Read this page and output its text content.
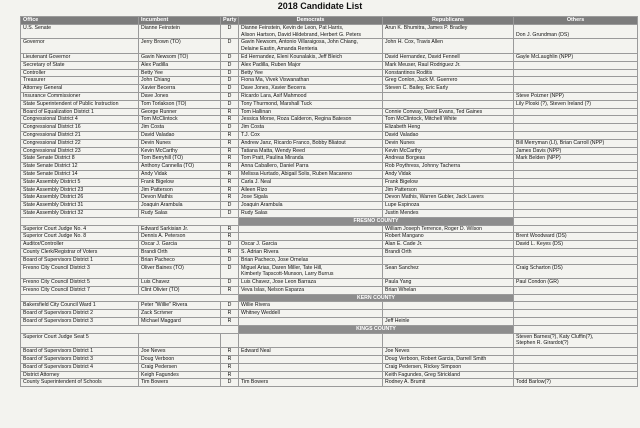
2018 Candidate List
Office	Incumbent	Party	Democrats	Republicans	Others
U.S. Senate	Dianne Feinstein	D	Dianne Feinstein, Kevin de Leon, Pat Harris,
Alison Hartson, David Hildebrand, Herbert G. Peters	Arun K. Bhumitra, James P. Bradley	Don J. Grundman (DS)

Governor	Jerry Brown (TO)	D	Gavin Newsom, Antonio Villaraigosa, John Chiang,
Delaine Eastin, Amanda Renteria	John H. Cox, Travis Allen	

Lieutenant Governor	Gavin Newsom (TO)	D	Ed Hernandez, Eleni Kounalakis, Jeff Bleich	David Hernandez, David Fennell	Gayle McLaughlin (NPP)

Secretary of State	Alex Padilla	D	Alex Padilla, Ruben Major	Mark Meuser, Raul Rodriguez Jr.	

Controller	Betty Yee	D	Betty Yee	Konstantinos Roditis	

Treasurer	John Chiang	D	Fiona Ma, Vivek Viswanathan	Greg Conlon, Jack M. Guerrero	

Attorney General	Xavier Becerra	D	Dave Jones, Xavier Becerra	Steven C. Bailey, Eric Early	

Insurance Commissioner	Dave Jones	D	Ricardo Lara, Asif Mahmood		Steve Poizner (NPP)

State Superintendent of Public Instruction	Tom Torlakson (TO)	D	Tony Thurmond, Marshall Tuck		Lily Ploski (?), Steven Ireland (?)

Board of Equalization District 1	George Runner	R	Tom Hallinan	Connie Conway, David Evans, Ted Gaines	

Congressional District 4	Tom McClintock	R	Jessica Morse, Roza Calderon, Regina Bateson	Tom McClintock, Mitchell White	

Congressional District 16	Jim Costa	D	Jim Costa	Elizabeth Heng	

Congressional District 21	David Valadao	R	T.J. Cox	David Valadao	

Congressional District 22	Devin Nunes	R	Andrew Janz, Ricardo Franco, Bobby Bliatout	Devin Nunes	Bill Merryman (LI), Brian Carroll (NPP)

Congressional District 23	Kevin McCarthy	R	Tatiana Matta, Wendy Reed	Kevin McCarthy	James Davis (NPP)

State Senate District 8	Tom Berryhill (TO)	R	Tom Pratt, Paulina Miranda	Andreas Borgeas	Mark Belden (NPP)

State Senate District 12	Anthony Cannella (TO)	R	Anna Caballero, Daniel Parra	Rob Poythress, Johnny Tacherra	

State Senate District 14	Andy Vidak	R	Melissa Hurtado, Abigail Solis, Ruben Macareno	Andy Vidak	

State Assembly District 5	Frank Bigelow	R	Carla J. Neal	Frank Bigelow	

State Assembly District 23	Jim Patterson	R	Aileen Rizo	Jim Patterson	

State Assembly District 26	Devon Mathis	R	Jose Sigala	Devon Mathis, Warren Gubler, Jack Lavers	

State Assembly District 31	Joaquin Arambula	D	Joaquin Arambula	Lupe Espinoza	

State Assembly District 32	Rudy Salas	D	Rudy Salas	Justin Mendes	

			FRESNO COUNTY		
Superior Court Judge No. 4	Edward Sarkisian Jr.	R		William Joseph Terrence, Roger D. Wilson	

Superior Court Judge No. 8	Dennis A. Peterson	R		Robert Mangano	Brent Woodward (DS)

Auditor/Controller	Oscar J. Garcia	D	Oscar J. Garcia	Alan E. Cade Jr.	David L. Keyes (DS)

County Clerk/Registrar of Voters	Brandi Orth	R	S. Adrian Rivera	Brandi Orth	

Board of Supervisors District 1	Brian Pacheco	D	Brian Pacheco, Jose Ornelas		

Fresno City Council District 3	Oliver Baines (TO)	D	Miguel Arias, Daren Miller, Tate Hill,
Kimberly Tapscott-Munson, Larry Burrus	Sean Sanchez	Craig Scharton (DS)

Fresno City Council District 5	Luis Chavez	D	Luis Chavez, Jose Leon Barraza	Paula Yang	Paul Condon (GR)

Fresno City Council District 7	Clint Olivier (TO)	R	Veva Islas, Nelson Esparza	Brian Whelan	

			KERN COUNTY		
Bakersfield City Council Ward 1	Peter "Willie" Rivera	D	Willie Rivera		

Board of Supervisors District 2	Zack Scrivner	R	Whitney Weddell		

Board of Supervisors District 3	Michael Maggard	R		Jeff Heinle	

			KINGS COUNTY		
Superior Court Judge Seat 5					Steven Barnes(?), Katy Cluffin(?),
Stephen R. Girardot(?)

Board of Supervisors District 1	Joe Neves	R	Edward Neal	Joe Neves	

Board of Supervisors District 3	Doug Verboon	R		Doug Verboon, Robert Garcia, Darrell Smith	

Board of Supervisors District 4	Craig Pedersen	R		Craig Pedersen, Rickey Simpson	

District Attorney	Keigh Fagundes	R		Keith Fagundes, Greg Strickland	

County Superintendent of Schools	Tim Bowers	D	Tim Bowers	Rodney A. Brumit	Todd Barlow(?)
